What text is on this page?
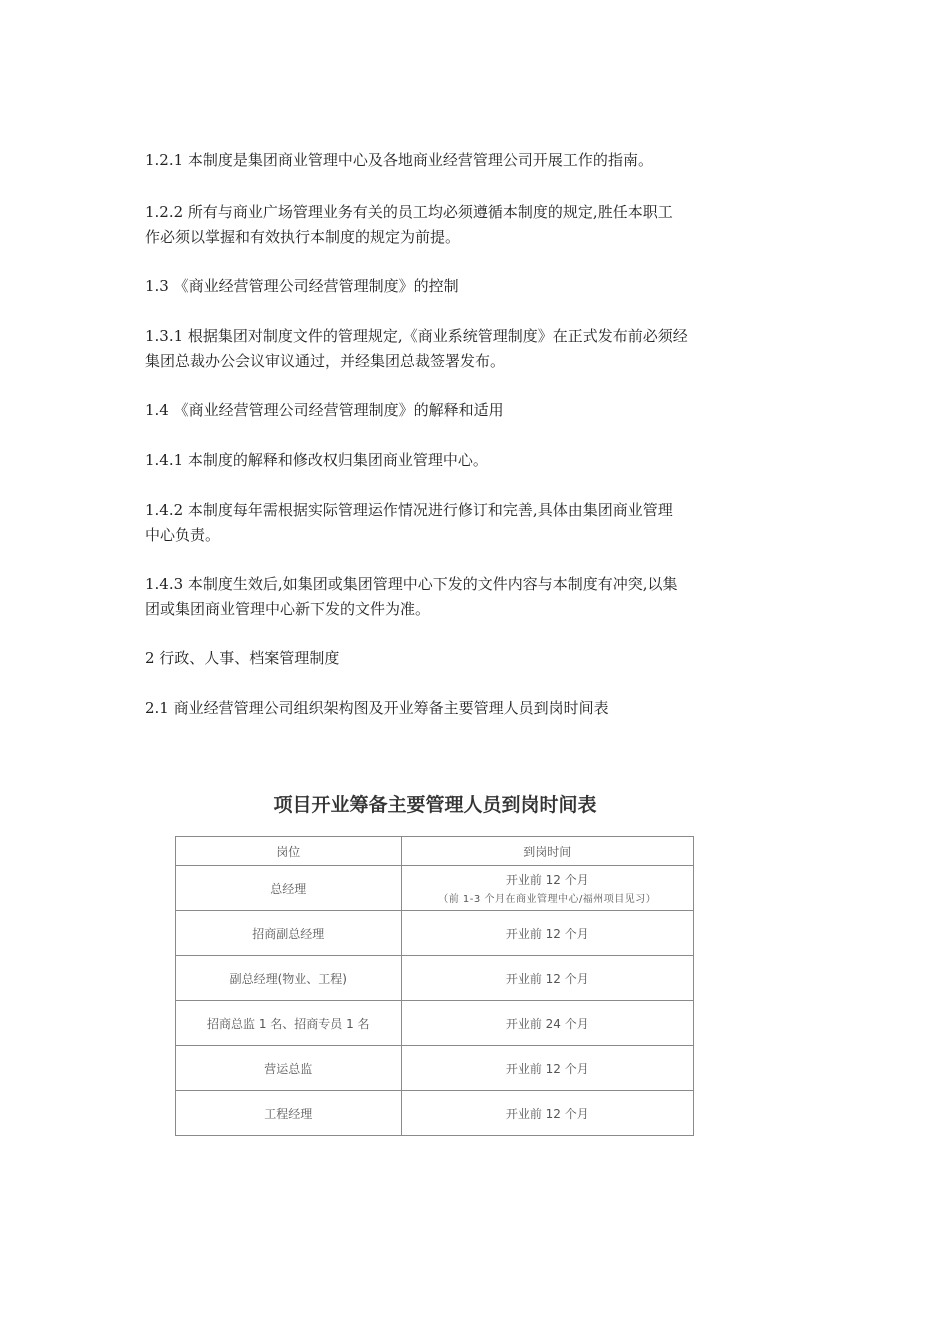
1.2.1 本制度是集团商业管理中心及各地商业经营管理公司开展工作的指南。

1.2.2 所有与商业广场管理业务有关的员工均必须遵循本制度的规定,胜任本职工

作必须以掌握和有效执行本制度的规定为前提。

1.3 《商业经营管理公司经营管理制度》的控制

1.3.1 根据集团对制度文件的管理规定,《商业系统管理制度》在正式发布前必须经

集团总裁办公会议审议通过，并经集团总裁签署发布。

1.4 《商业经营管理公司经营管理制度》的解释和适用

1.4.1 本制度的解释和修改权归集团商业管理中心。

1.4.2 本制度每年需根据实际管理运作情况进行修订和完善,具体由集团商业管理

中心负责。

1.4.3 本制度生效后,如集团或集团管理中心下发的文件内容与本制度有冲突,以集

团或集团商业管理中心新下发的文件为准。

2 行政、人事、档案管理制度

2.1 商业经营管理公司组织架构图及开业筹备主要管理人员到岗时间表

项目开业筹备主要管理人员到岗时间表
岗位	到岗时间
总经理	开业前 12 个月
（前 1-3 个月在商业管理中心/福州项目见习）

招商副总经理	开业前 12 个月
副总经理(物业、工程)	开业前 12 个月
招商总监 1 名、招商专员 1 名	开业前 24 个月
营运总监	开业前 12 个月
工程经理	开业前 12 个月
